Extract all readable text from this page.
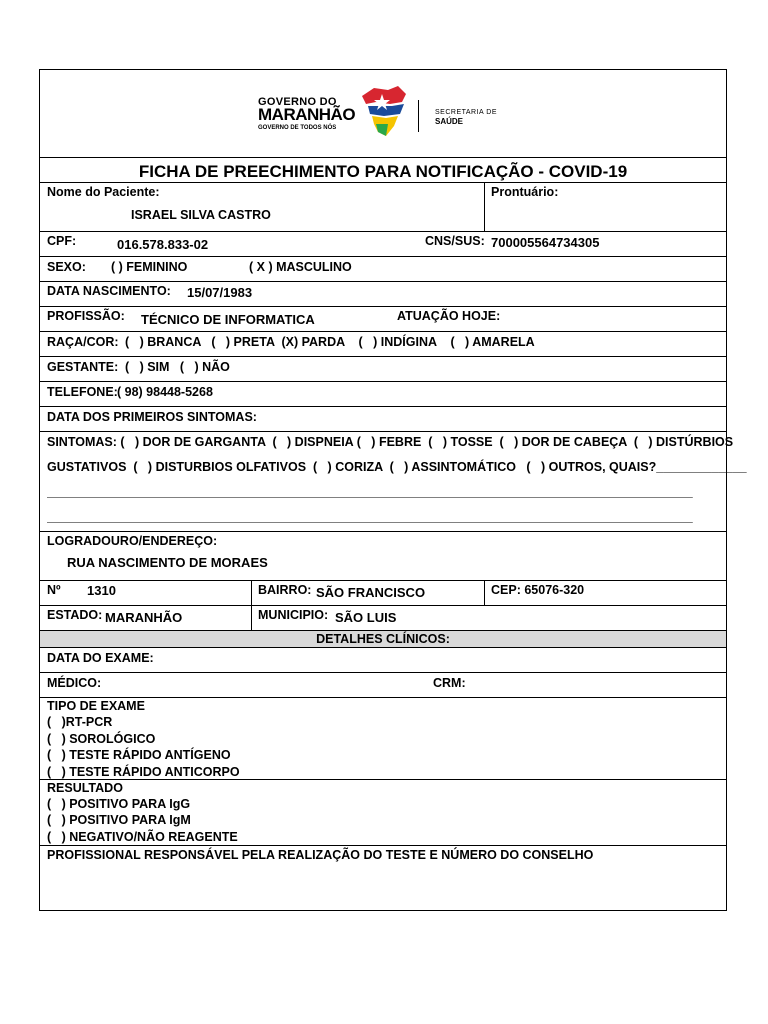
GOVERNO DO
MARANHÃO
GOVERNO DE TODOS NÓS
SECRETARIA DE
SAÚDE
FICHA DE PREECHIMENTO PARA NOTIFICAÇÃO - COVID-19
Nome do Paciente:
ISRAEL SILVA CASTRO
Prontuário:
CPF:	016.578.833-02	CNS/SUS: 700005564734305
SEXO: ( ) FEMININO	( X ) MASCULINO
DATA NASCIMENTO: 15/07/1983
PROFISSÃO: TÉCNICO DE INFORMATICA	ATUAÇÃO HOJE:
RAÇA/COR: (   ) BRANCA   (   ) PRETA  (X) PARDA    (   ) INDÍGINA    (   ) AMARELA
GESTANTE: (   ) SIM   (   ) NÃO
TELEFONE: ( 98) 98448-5268
DATA DOS PRIMEIROS SINTOMAS:
SINTOMAS: (   ) DOR DE GARGANTA  (   ) DISPNEIA (   ) FEBRE  (   ) TOSSE  (   ) DOR DE CABEÇA  (   ) DISTÚRBIOS
GUSTATIVOS  (   ) DISTURBIOS OLFATIVOS  (   ) CORIZA  (   ) ASSINTOMÁTICO   (   ) OUTROS, QUAIS?_____________
____________________________________________________________________________________________________
____________________________________________________________________________________________________
LOGRADOURO/ENDEREÇO:
RUA NASCIMENTO DE MORAES
Nº 1310	BAIRRO: SÃO FRANCISCO	CEP: 65076-320
ESTADO: MARANHÃO	MUNICIPIO: SÃO LUIS
DETALHES CLÍNICOS:
DATA DO EXAME:
MÉDICO:	CRM:
TIPO DE EXAME
(   )RT-PCR
(   ) SOROLÓGICO
(   ) TESTE RÁPIDO ANTÍGENO
(   ) TESTE RÁPIDO ANTICORPO
RESULTADO
(   ) POSITIVO PARA IgG
(   ) POSITIVO PARA IgM
(   ) NEGATIVO/NÃO REAGENTE
PROFISSIONAL RESPONSÁVEL PELA REALIZAÇÃO DO TESTE E NÚMERO DO CONSELHO
